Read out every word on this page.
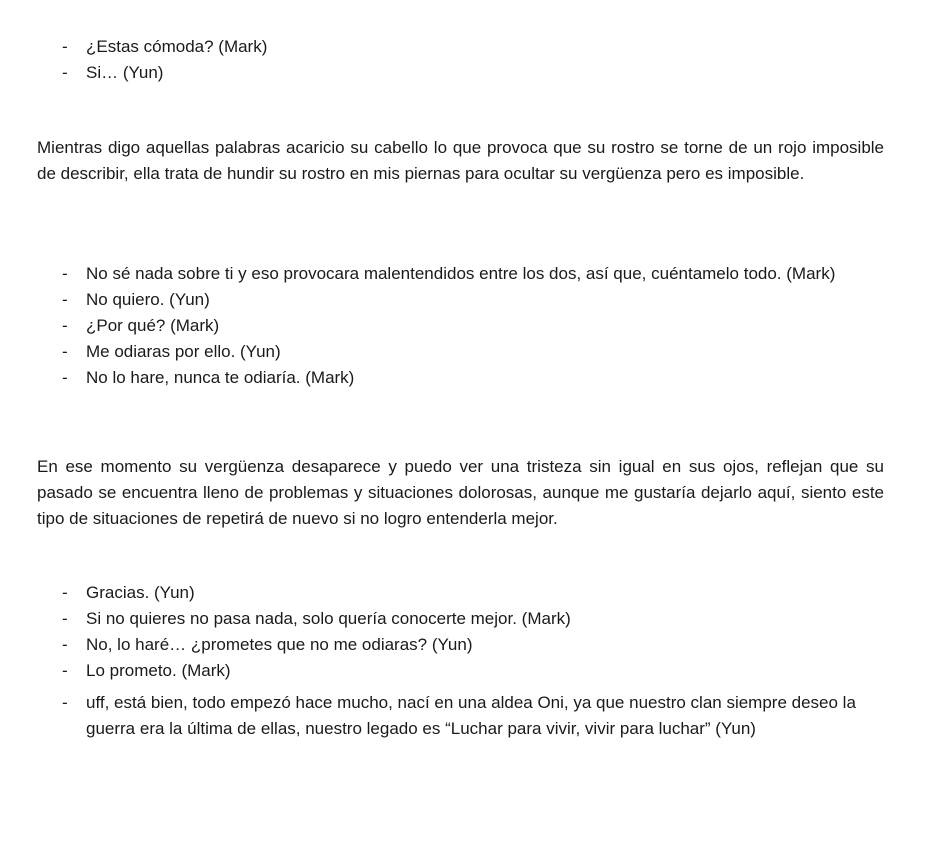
-	¿Estas cómoda? (Mark)
-	Si… (Yun)

Mientras digo aquellas palabras acaricio su cabello lo que provoca que su rostro se torne de un rojo imposible de describir, ella trata de hundir su rostro en mis piernas para ocultar su vergüenza pero es imposible.

-	No sé nada sobre ti y eso provocara malentendidos entre los dos, así que, cuéntamelo todo. (Mark)
-	No quiero. (Yun)
-	¿Por qué? (Mark)
-	Me odiaras por ello. (Yun)
-	No lo hare, nunca te odiaría. (Mark)

En ese momento su vergüenza desaparece y puedo ver una tristeza sin igual en sus ojos, reflejan que su pasado se encuentra lleno de problemas y situaciones dolorosas, aunque me gustaría dejarlo aquí, siento este tipo de situaciones de repetirá de nuevo si no logro entenderla mejor.

-	Gracias. (Yun)
-	Si no quieres no pasa nada, solo quería conocerte mejor. (Mark)
-	No, lo haré… ¿prometes que no me odiaras? (Yun)
-	Lo prometo. (Mark)
-	uff, está bien, todo empezó hace mucho, nací en una aldea Oni, ya que nuestro clan siempre deseo la guerra era la última de ellas, nuestro legado es “Luchar para vivir, vivir para luchar” (Yun)
